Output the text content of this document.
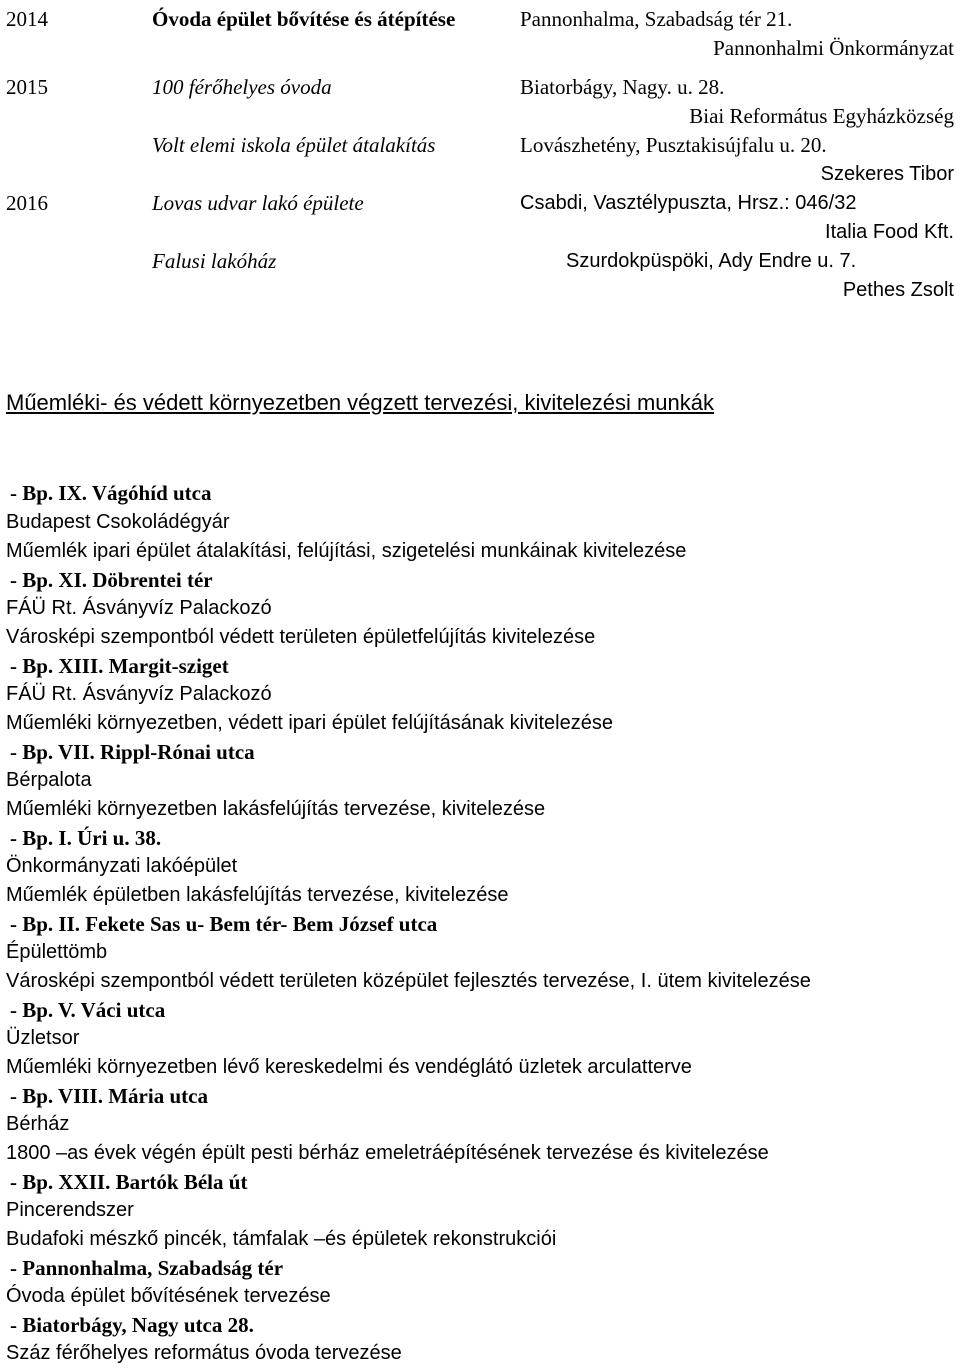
2014	Óvoda épület bővítése és átépítése	Pannonhalma, Szabadság tér 21.
Pannonhalmi Önkormányzat
2015	100 férőhelyes óvoda	Biatorbágy, Nagy. u. 28.
Biai Református Egyházközség
Volt elemi iskola épület átalakítás	Lovászhetény, Pusztakisújfalu u. 20.
Szekeres Tibor
2016	Lovas udvar lakó épülete	Csabdi, Vasztélypuszta, Hrsz.: 046/32
Italia Food Kft.
Falusi lakóház	Szurdokpüspöki, Ady Endre u. 7.
Pethes Zsolt
Műemléki- és védett környezetben végzett tervezési, kivitelezési munkák
- Bp. IX. Vágóhíd utca
Budapest Csokoládégyár
Műemlék ipari épület átalakítási, felújítási, szigetelési munkáinak kivitelezése
- Bp. XI. Döbrentei tér
FÁÜ Rt. Ásványvíz Palackozó
Városképi szempontból védett területen épületfelújítás kivitelezése
- Bp. XIII. Margit-sziget
FÁÜ Rt. Ásványvíz Palackozó
Műemléki környezetben, védett ipari épület felújításának kivitelezése
- Bp. VII. Rippl-Rónai utca
Bérpalota
Műemléki környezetben lakásfelújítás tervezése, kivitelezése
- Bp. I. Úri u. 38.
Önkormányzati lakóépület
Műemlék épületben lakásfelújítás tervezése, kivitelezése
- Bp. II. Fekete Sas u- Bem tér- Bem József utca
Épülettömb
Városképi szempontból védett területen középület fejlesztés tervezése, I. ütem kivitelezése
- Bp. V. Váci utca
Üzletsor
Műemléki környezetben lévő kereskedelmi és vendéglátó üzletek arculatterve
- Bp. VIII. Mária utca
Bérház
1800 –as évek végén épült pesti bérház emeletráépítésének tervezése és kivitelezése
- Bp. XXII. Bartók Béla út
Pincerendszer
Budafoki mészkő pincék, támfalak –és épületek rekonstrukciói
- Pannonhalma, Szabadság tér
Óvoda épület bővítésének tervezése
- Biatorbágy, Nagy utca 28.
Száz férőhelyes református óvoda tervezése
